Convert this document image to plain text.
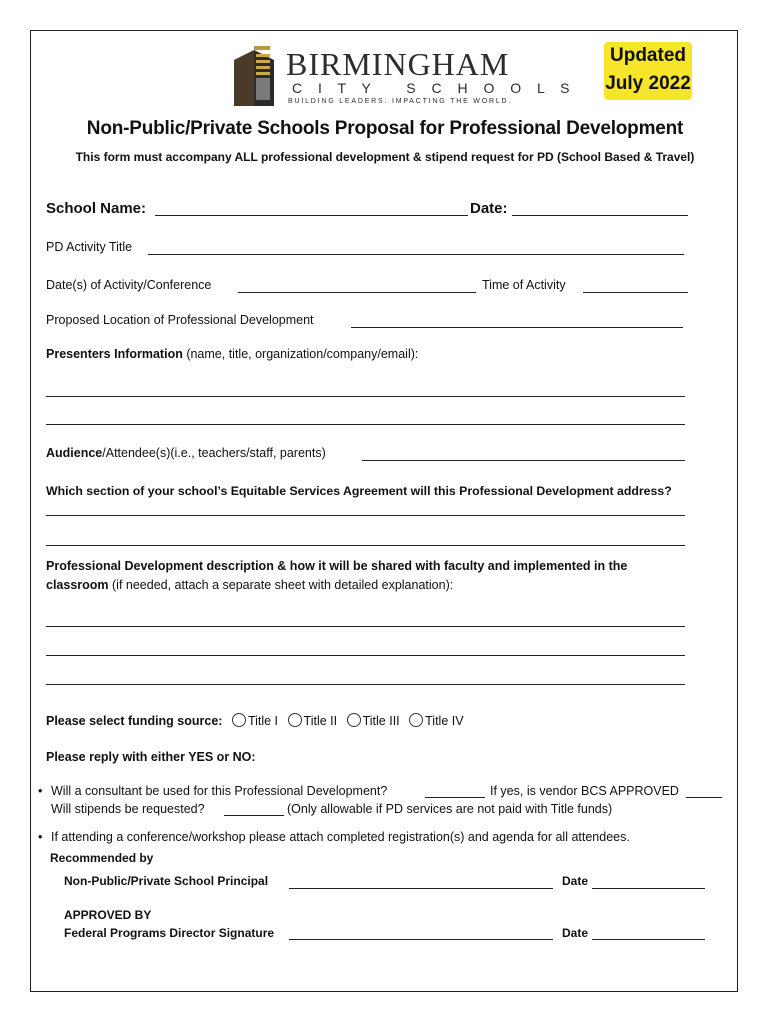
BIRMINGHAM
C I T Y   S C H O O L S
BUILDING LEADERS. IMPACTING THE WORLD.
Updated
July 2022
Non-Public/Private Schools Proposal for Professional Development
This form must accompany ALL professional development & stipend request for PD (School Based & Travel)
School Name:	Date:
PD Activity Title
Date(s) of Activity/Conference	Time of Activity
Proposed Location of Professional Development
Presenters Information (name, title, organization/company/email):
Audience/Attendee(s)(i.e., teachers/staff, parents)
Which section of your school’s Equitable Services Agreement will this Professional Development address?
Professional Development description & how it will be shared with faculty and implemented in the
classroom (if needed, attach a separate sheet with detailed explanation):
Please select funding source: Title I Title II Title III Title IV
Please reply with either YES or NO:
• Will a consultant be used for this Professional Development?	If yes, is vendor BCS APPROVED
Will stipends be requested?	(Only allowable if PD services are not paid with Title funds)
• If attending a conference/workshop please attach completed registration(s) and agenda for all attendees.
Recommended by
Non-Public/Private School Principal	Date
APPROVED BY
Federal Programs Director Signature	Date
